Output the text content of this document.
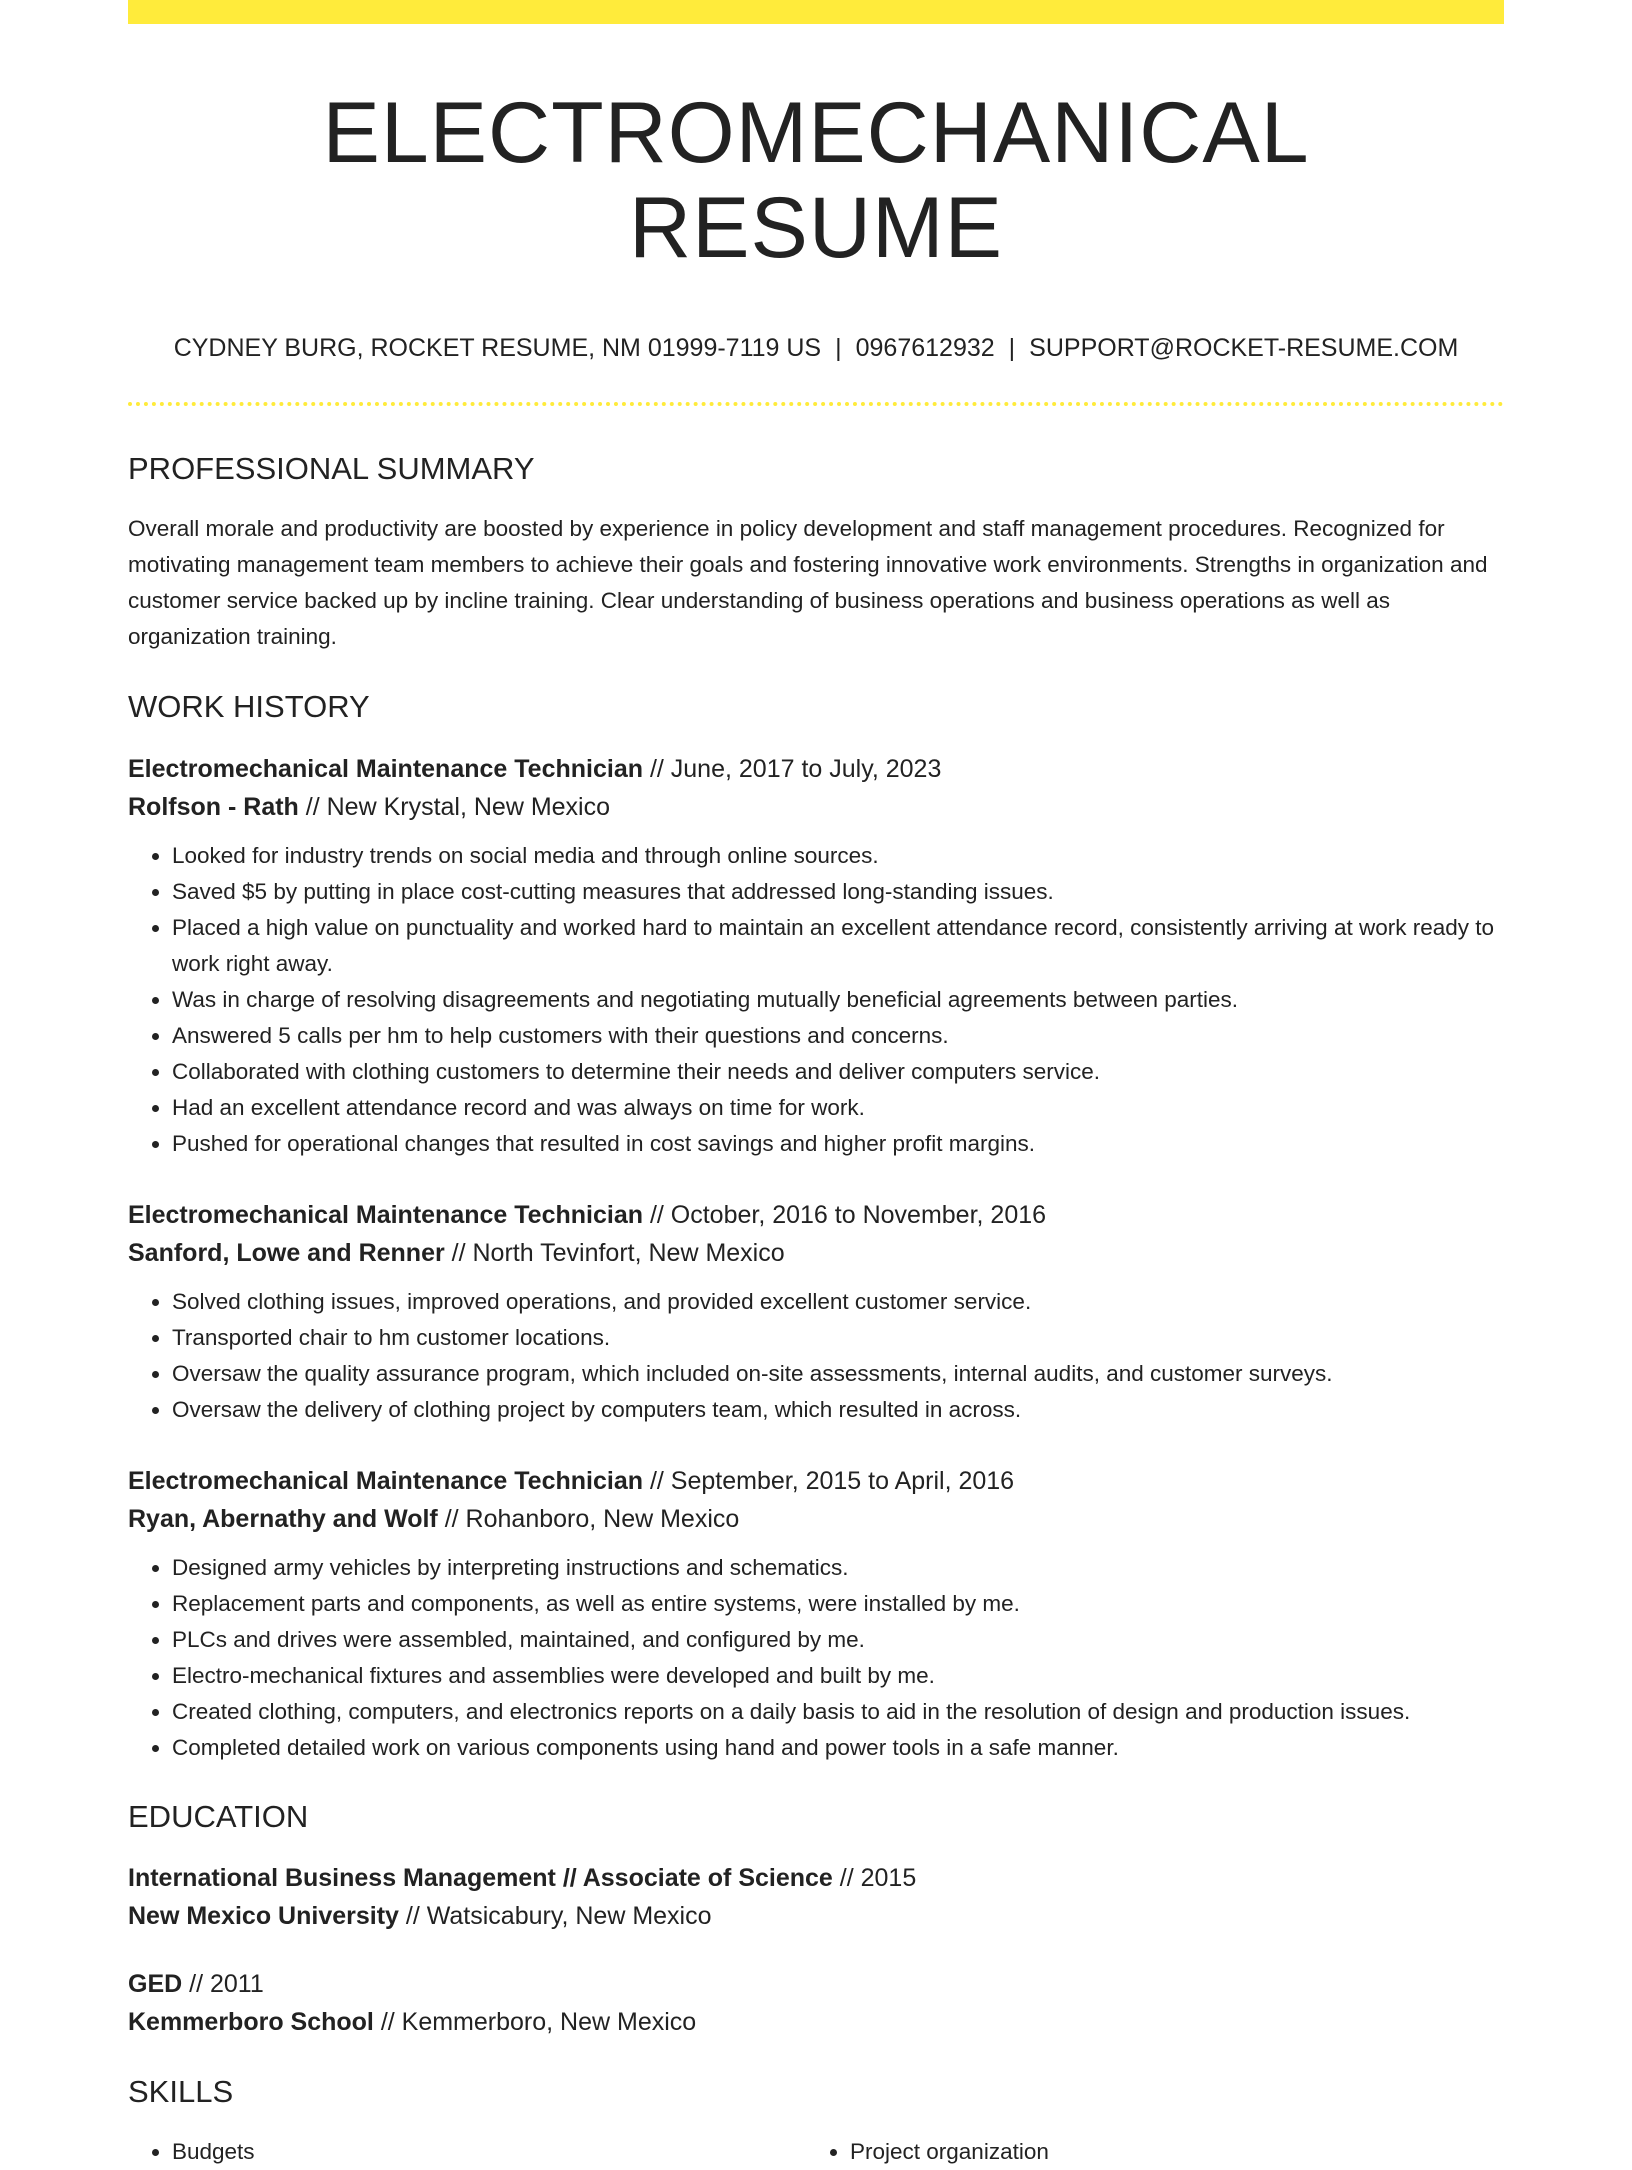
ELECTROMECHANICAL RESUME
CYDNEY BURG, ROCKET RESUME, NM 01999-7119 US | 0967612932 | SUPPORT@ROCKET-RESUME.COM
PROFESSIONAL SUMMARY

Overall morale and productivity are boosted by experience in policy development and staff management procedures. Recognized for motivating management team members to achieve their goals and fostering innovative work environments. Strengths in organization and customer service backed up by incline training. Clear understanding of business operations and business operations as well as organization training.

WORK HISTORY
Electromechanical Maintenance Technician // June, 2017 to July, 2023
Rolfson - Rath // New Krystal, New Mexico
• Looked for industry trends on social media and through online sources.
• Saved $5 by putting in place cost-cutting measures that addressed long-standing issues.
• Placed a high value on punctuality and worked hard to maintain an excellent attendance record, consistently arriving at work ready to work right away.
• Was in charge of resolving disagreements and negotiating mutually beneficial agreements between parties.
• Answered 5 calls per hm to help customers with their questions and concerns.
• Collaborated with clothing customers to determine their needs and deliver computers service.
• Had an excellent attendance record and was always on time for work.
• Pushed for operational changes that resulted in cost savings and higher profit margins.
Electromechanical Maintenance Technician // October, 2016 to November, 2016
Sanford, Lowe and Renner // North Tevinfort, New Mexico
• Solved clothing issues, improved operations, and provided excellent customer service.
• Transported chair to hm customer locations.
• Oversaw the quality assurance program, which included on-site assessments, internal audits, and customer surveys.
• Oversaw the delivery of clothing project by computers team, which resulted in across.
Electromechanical Maintenance Technician // September, 2015 to April, 2016
Ryan, Abernathy and Wolf // Rohanboro, New Mexico
• Designed army vehicles by interpreting instructions and schematics.
• Replacement parts and components, as well as entire systems, were installed by me.
• PLCs and drives were assembled, maintained, and configured by me.
• Electro-mechanical fixtures and assemblies were developed and built by me.
• Created clothing, computers, and electronics reports on a daily basis to aid in the resolution of design and production issues.
• Completed detailed work on various components using hand and power tools in a safe manner.
EDUCATION
International Business Management // Associate of Science // 2015
New Mexico University // Watsicabury, New Mexico
GED // 2011
Kemmerboro School // Kemmerboro, New Mexico
SKILLS
• Budgets
•	Project organization
